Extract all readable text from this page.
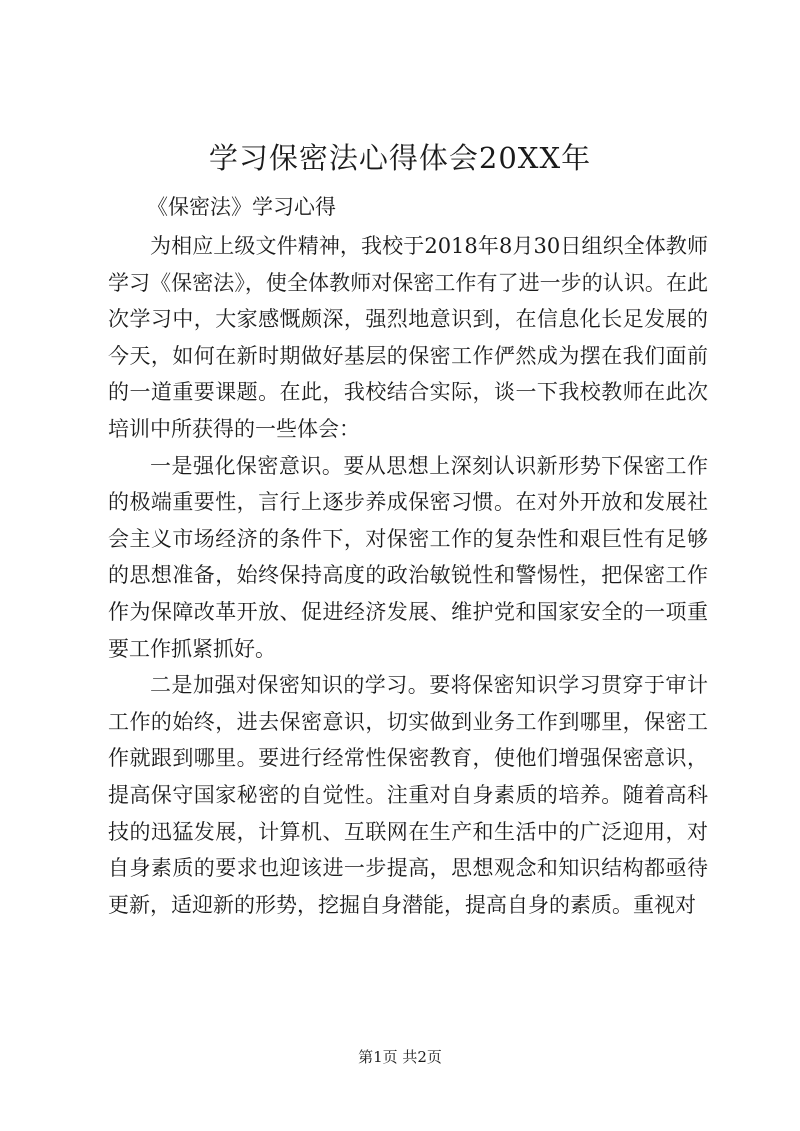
学习保密法心得体会20XX年
《保密法》学习心得

为相应上级文件精神，我校于2018年8月30日组织全体教师学习《保密法》，使全体教师对保密工作有了进一步的认识。在此次学习中，大家感慨颇深，强烈地意识到，在信息化长足发展的今天，如何在新时期做好基层的保密工作俨然成为摆在我们面前的一道重要课题。在此，我校结合实际，谈一下我校教师在此次培训中所获得的一些体会：

一是强化保密意识。要从思想上深刻认识新形势下保密工作的极端重要性，言行上逐步养成保密习惯。在对外开放和发展社会主义市场经济的条件下，对保密工作的复杂性和艰巨性有足够的思想准备，始终保持高度的政治敏锐性和警惕性，把保密工作作为保障改革开放、促进经济发展、维护党和国家安全的一项重要工作抓紧抓好。

二是加强对保密知识的学习。要将保密知识学习贯穿于审计工作的始终，进去保密意识，切实做到业务工作到哪里，保密工作就跟到哪里。要进行经常性保密教育，使他们增强保密意识，提高保守国家秘密的自觉性。注重对自身素质的培养。随着高科技的迅猛发展，计算机、互联网在生产和生活中的广泛迎用，对自身素质的要求也迎该进一步提高，思想观念和知识结构都亟待更新，适迎新的形势，挖掘自身潜能，提高自身的素质。重视对

第1页 共2页
